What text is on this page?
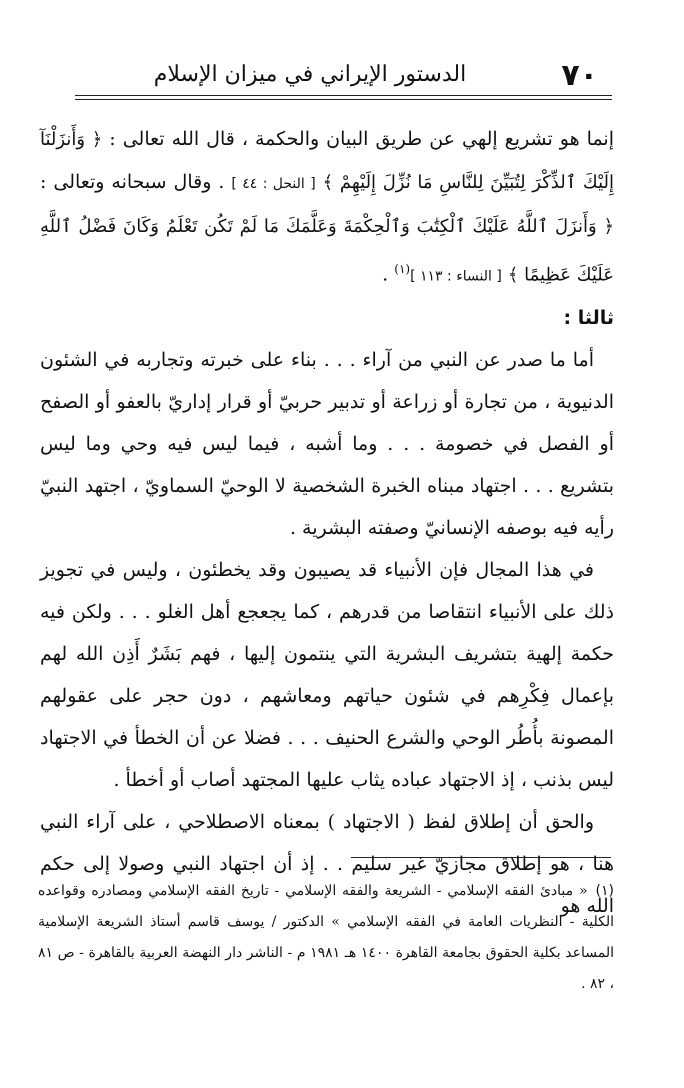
٧٠
الدستور الإيراني في ميزان الإسلام

إنما هو تشريع إلهي عن طريق البيان والحكمة ، قال الله تعالى : ﴿ وَأَنزَلْنَآ إِلَيْكَ ٱلذِّكْرَ لِتُبَيِّنَ لِلنَّاسِ مَا نُزِّلَ إِلَيْهِمْ ﴾ [ النحل : ٤٤ ] . وقال سبحانه وتعالى : ﴿ وَأَنزَلَ ٱللَّهُ عَلَيْكَ ٱلْكِتَٰبَ وَٱلْحِكْمَةَ وَعَلَّمَكَ مَا لَمْ تَكُن تَعْلَمُ وَكَانَ فَضْلُ ٱللَّهِ عَلَيْكَ عَظِيمًا ﴾ [ النساء : ١١٣ ]$^{(١)}$ .

ثالثا :

أما ما صدر عن النبي من آراء . . . بناء على خبرته وتجاربه في الشئون الدنيوية ، من تجارة أو زراعة أو تدبير حربيّ أو قرار إداريّ بالعفو أو الصفح أو الفصل في خصومة . . . وما أشبه ، فيما ليس فيه وحي وما ليس بتشريع . . . اجتهاد مبناه الخبرة الشخصية لا الوحيّ السماويّ ، اجتهد النبيّ رأيه فيه بوصفه الإنسانيّ وصفته البشرية .

في هذا المجال فإن الأنبياء قد يصيبون وقد يخطئون ، وليس في تجويز ذلك على الأنبياء انتقاصا من قدرهم ، كما يجعجع أهل الغلو . . . ولكن فيه حكمة إلهية بتشريف البشرية التي ينتمون إليها ، فهم بَشَرٌ أَذِن الله لهم بإعمال فِكْرِهم في شئون حياتهم ومعاشهم ، دون حجر على عقولهم المصونة بأُطُر الوحي والشرع الحنيف . . . فضلا عن أن الخطأ في الاجتهاد ليس بذنب ، إذ الاجتهاد عباده يثاب عليها المجتهد أصاب أو أخطأ .

والحق أن إطلاق لفظ ( الاجتهاد ) بمعناه الاصطلاحي ، على آراء النبي هنا ، هو إطلاق مجازيّ غير سليم . . إذ أن اجتهاد النبي وصولا إلى حكم الله هو

(١)« مبادئ الفقه الإسلامي - الشريعة والفقه الإسلامي - تاريخ الفقه الإسلامي ومصادره وقواعده الكلية - النظريات العامة في الفقه الإسلامي » الدكتور / يوسف قاسم أستاذ الشريعة الإسلامية المساعد بكلية الحقوق بجامعة القاهرة ١٤٠٠ هـ ١٩٨١ م - الناشر دار النهضة العربية بالقاهرة - ص ٨١ ، ٨٢ .
